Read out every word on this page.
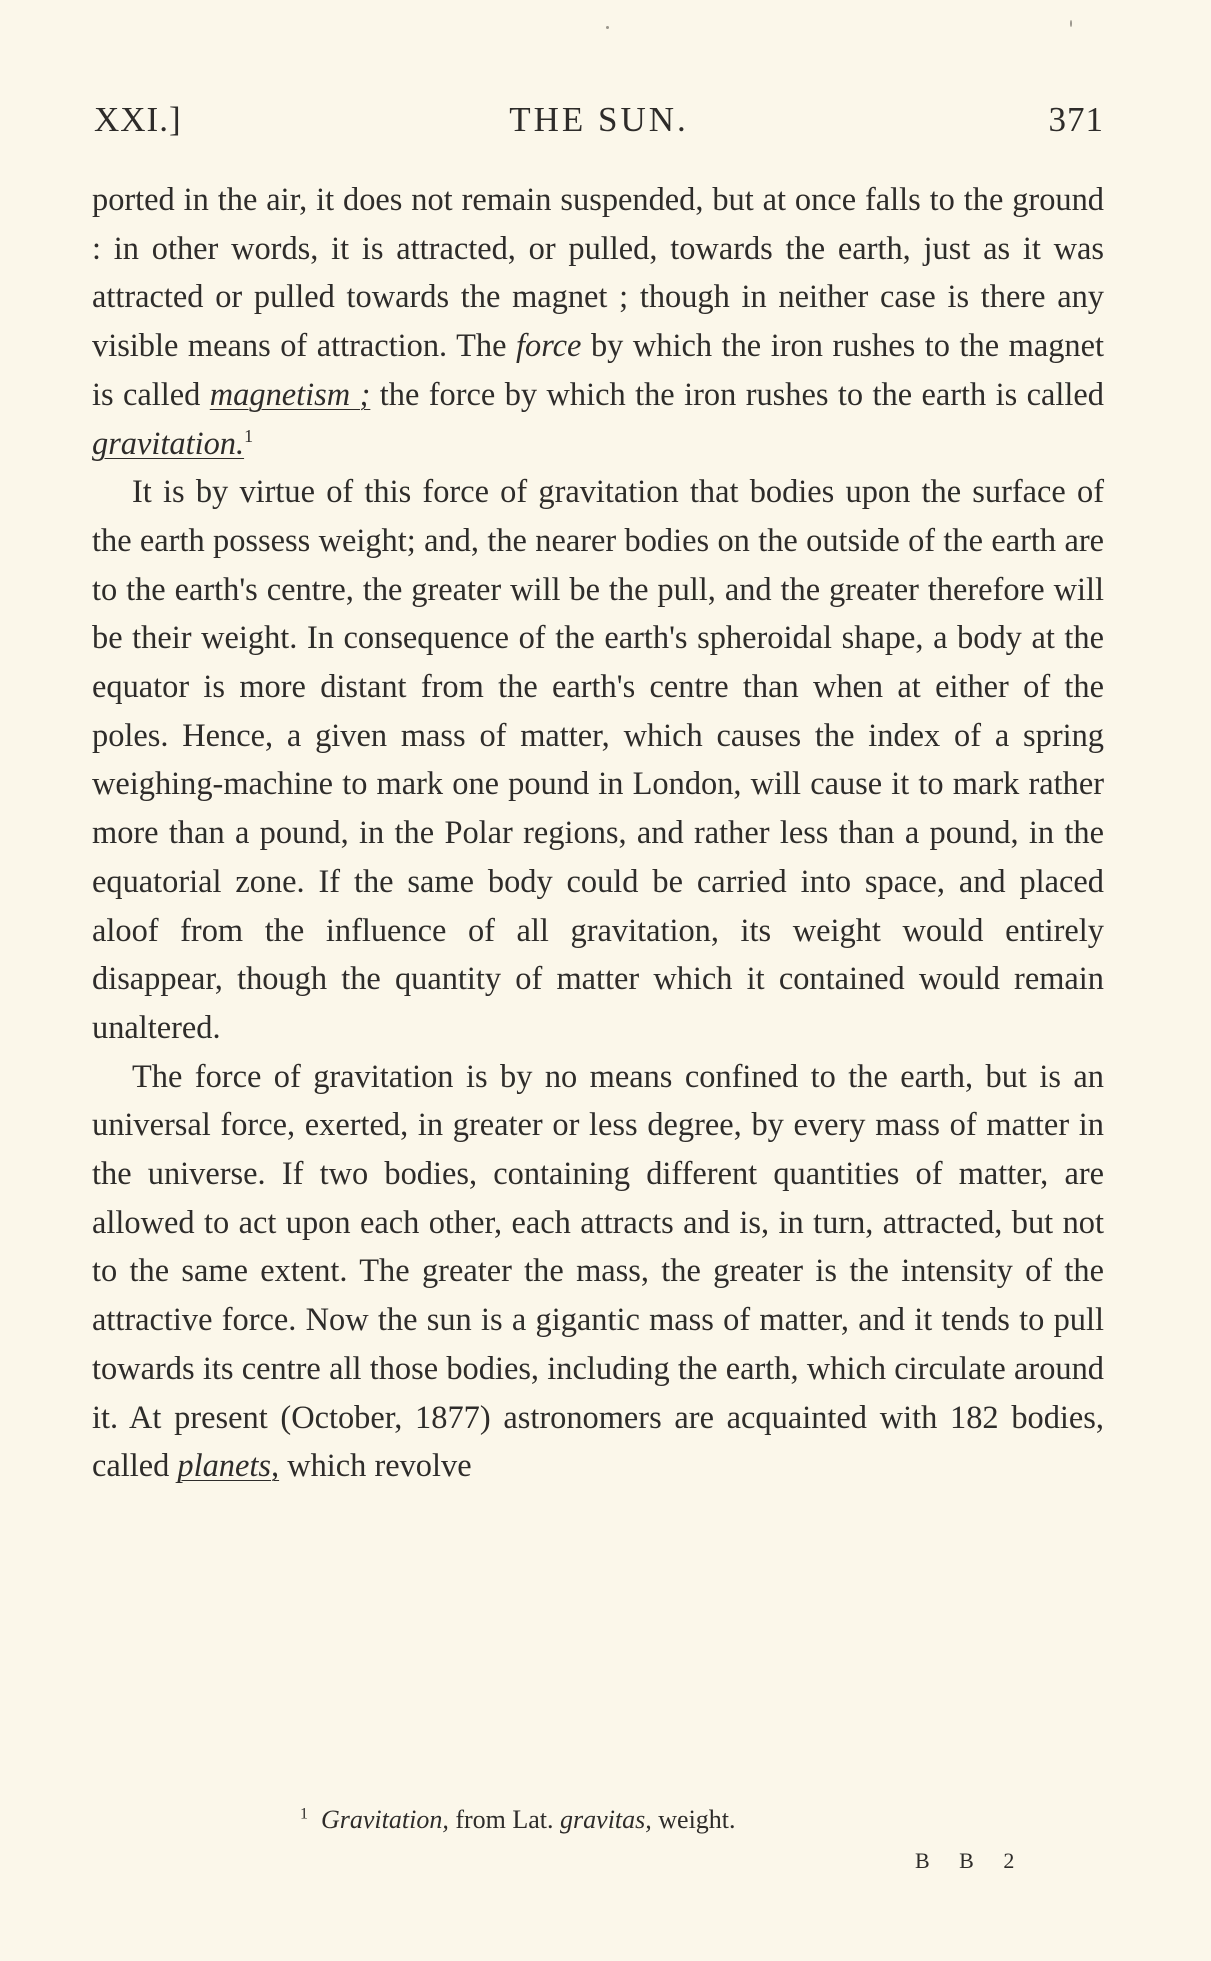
XXI.]	THE SUN.	371

ported in the air, it does not remain suspended, but at once falls to the ground : in other words, it is attracted, or pulled, towards the earth, just as it was attracted or pulled towards the magnet ; though in neither case is there any visible means of attraction. The force by which the iron rushes to the magnet is called magnetism ; the force by which the iron rushes to the earth is called gravitation.$^1$

It is by virtue of this force of gravitation that bodies upon the surface of the earth possess weight; and, the nearer bodies on the outside of the earth are to the earth's centre, the greater will be the pull, and the greater therefore will be their weight. In consequence of the earth's spheroidal shape, a body at the equator is more distant from the earth's centre than when at either of the poles. Hence, a given mass of matter, which causes the index of a spring weighing-machine to mark one pound in London, will cause it to mark rather more than a pound, in the Polar regions, and rather less than a pound, in the equatorial zone. If the same body could be carried into space, and placed aloof from the influence of all gravitation, its weight would entirely disappear, though the quantity of matter which it contained would remain unaltered.

The force of gravitation is by no means confined to the earth, but is an universal force, exerted, in greater or less degree, by every mass of matter in the universe. If two bodies, containing different quantities of matter, are allowed to act upon each other, each attracts and is, in turn, attracted, but not to the same extent. The greater the mass, the greater is the intensity of the attractive force. Now the sun is a gigantic mass of matter, and it tends to pull towards its centre all those bodies, including the earth, which circulate around it. At present (October, 1877) astronomers are acquainted with 182 bodies, called planets, which revolve

$^1$ Gravitation, from Lat. gravitas, weight.
B B 2
